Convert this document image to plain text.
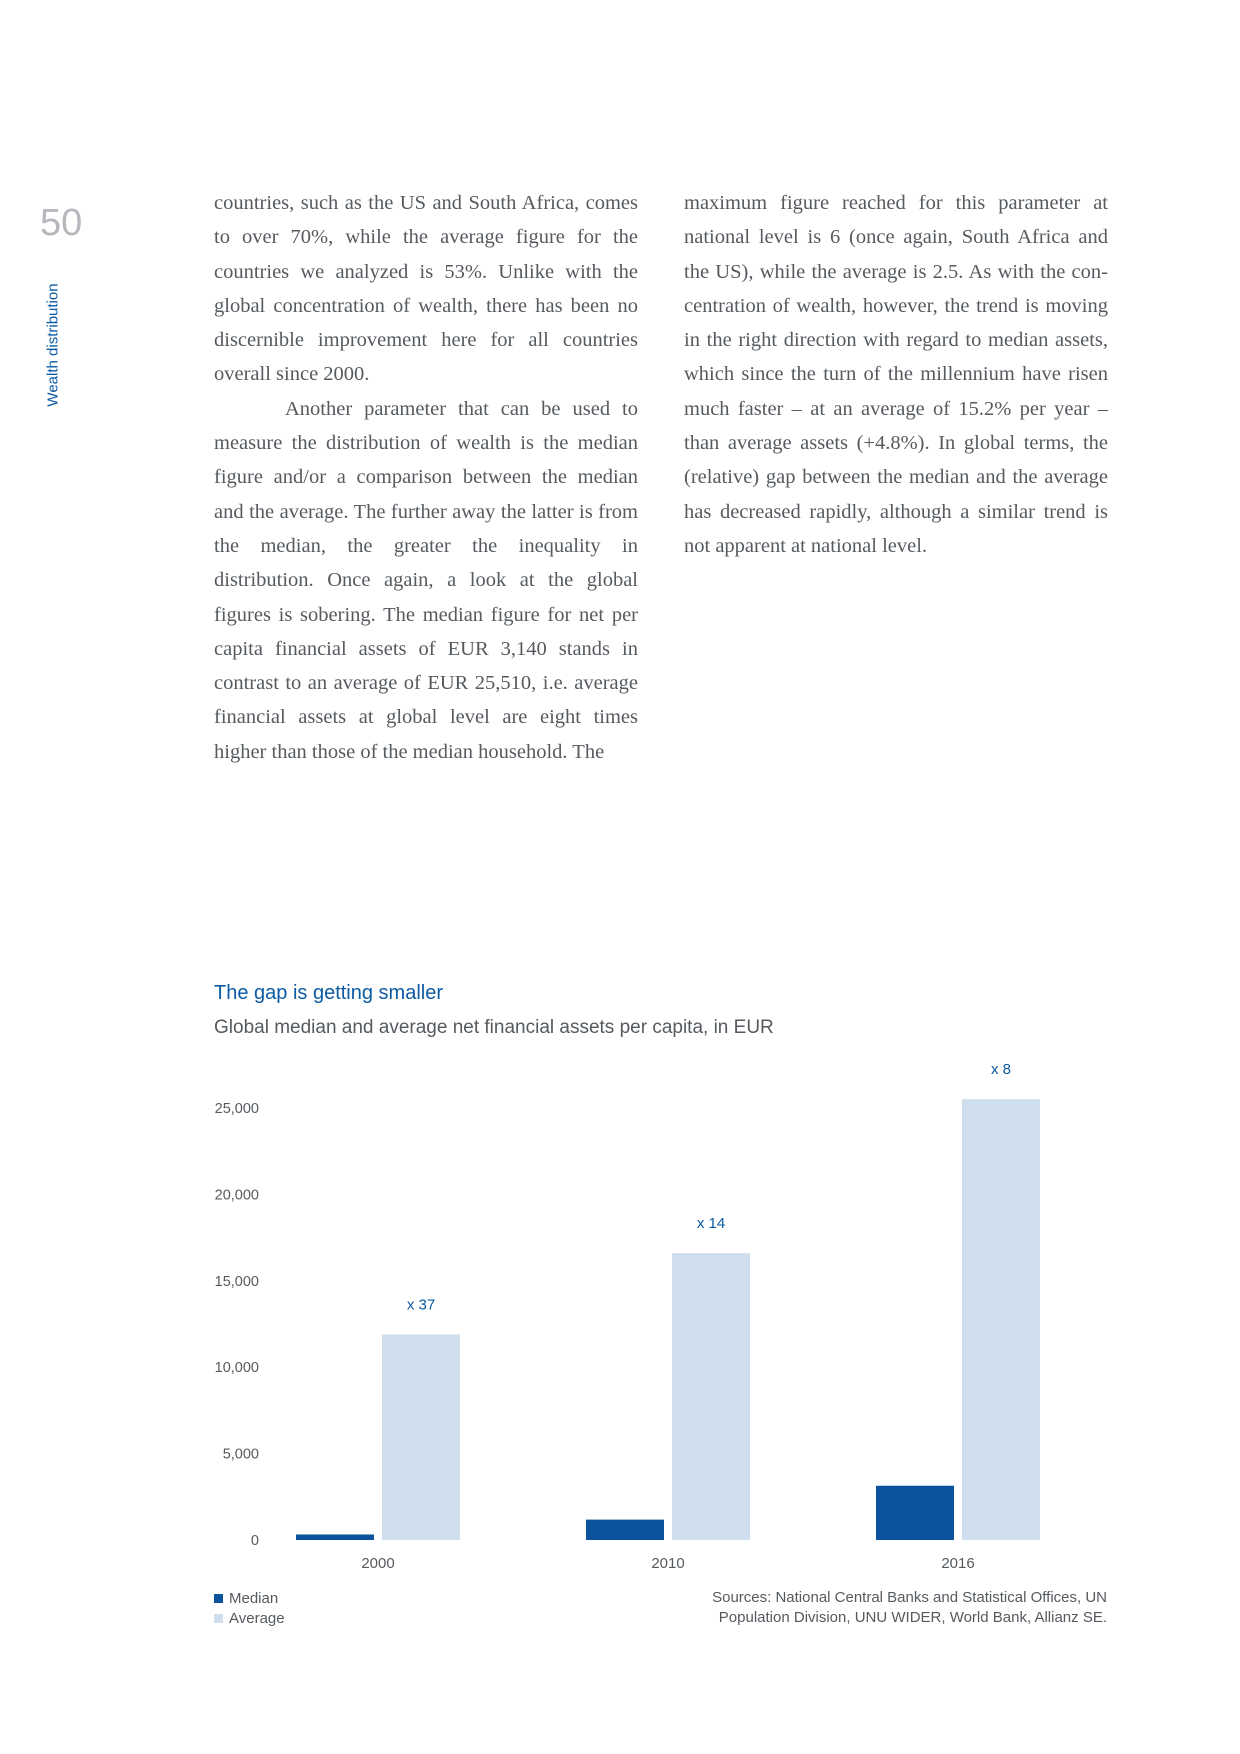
50
Wealth distribution

countries, such as the US and South Africa, comes to over 70%, while the average figure for the countries we analyzed is 53%. Unlike with the global concentration of wealth, there has been no discernible improvement here for all countries overall since 2000.

Another parameter that can be used to measure the distribution of wealth is the median figure and/or a comparison between the median and the average. The further away the latter is from the median, the greater the inequality in distribution. Once again, a look at the global figures is sobering. The median figure for net per capita financial assets of EUR 3,140 stands in contrast to an average of EUR 25,510, i.e. average financial assets at global level are eight times higher than those of the median household. The

maximum figure reached for this parameter at national level is 6 (once again, South Africa and the US), while the average is 2.5. As with the concentration of wealth, however, the trend is moving in the right direction with regard to median assets, which since the turn of the millennium have risen much faster – at an average of 15.2% per year – than average assets (+4.8%). In global terms, the (relative) gap between the median and the average has decreased rapidly, although a similar trend is not apparent at national level.

The gap is getting smaller
Global median and average net financial assets per capita, in EUR
0
5,000
10,000
15,000
20,000
25,000
2000
x 37
2010
x 14
2016
x 8
Median
Average
Sources: National Central Banks and Statistical Offices, UN Population Division, UNU WIDER, World Bank, Allianz SE.
